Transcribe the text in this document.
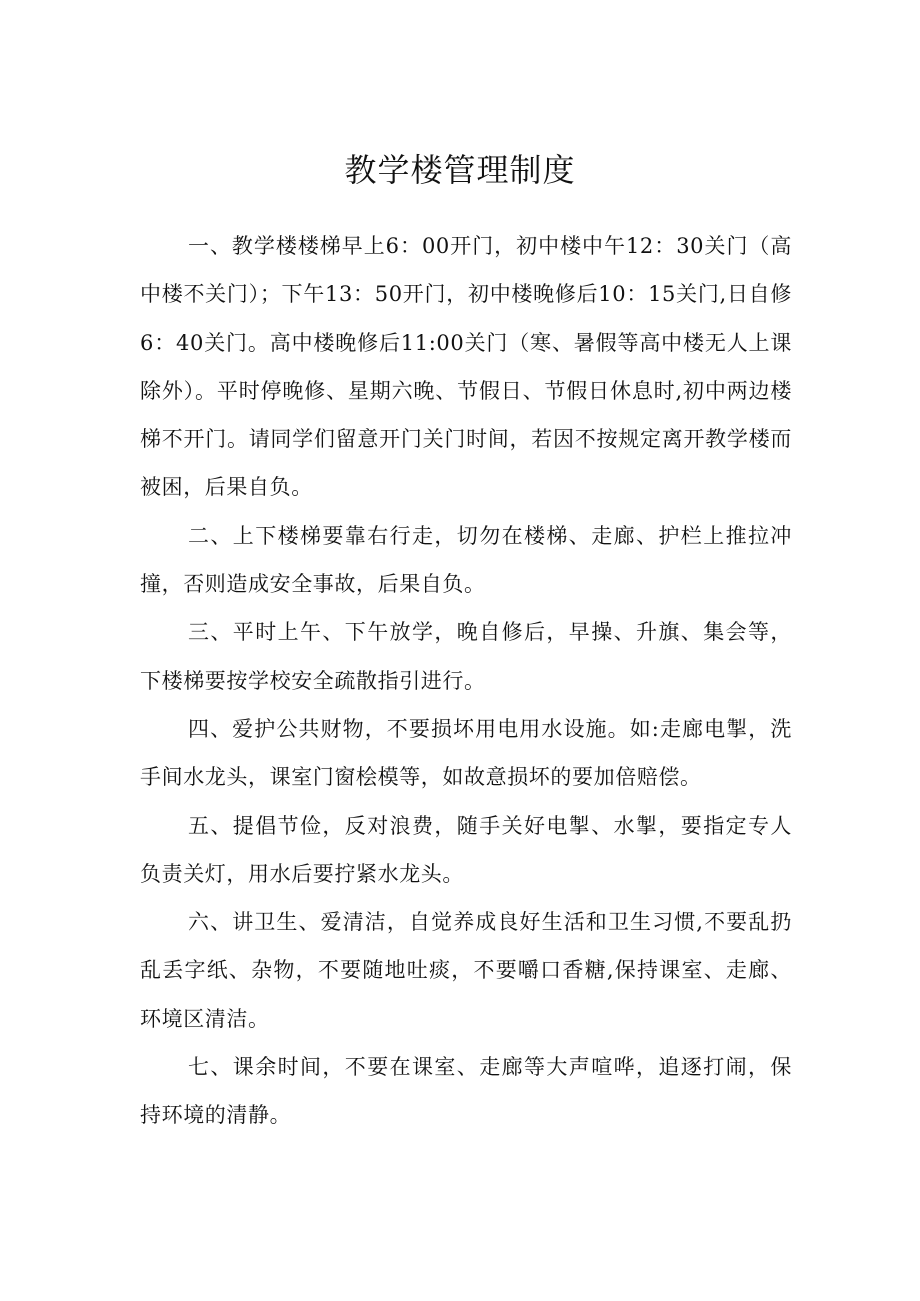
教学楼管理制度

一、教学楼楼梯早上6：00开门，初中楼中午12：30关门（高中楼不关门）；下午13：50开门，初中楼晚修后10：15关门,日自修6：40关门。高中楼晚修后11:00关门（寒、暑假等高中楼无人上课除外）。平时停晚修、星期六晚、节假日、节假日休息时,初中两边楼梯不开门。请同学们留意开门关门时间，若因不按规定离开教学楼而被困，后果自负。

二、上下楼梯要靠右行走，切勿在楼梯、走廊、护栏上推拉冲撞，否则造成安全事故，后果自负。

三、平时上午、下午放学，晚自修后，早操、升旗、集会等，下楼梯要按学校安全疏散指引进行。

四、爱护公共财物，不要损坏用电用水设施。如:走廊电掣，洗手间水龙头，课室门窗桧模等，如故意损坏的要加倍赔偿。

五、提倡节俭，反对浪费，随手关好电掣、水掣，要指定专人负责关灯，用水后要拧紧水龙头。

六、讲卫生、爱清洁，自觉养成良好生活和卫生习惯,不要乱扔乱丢字纸、杂物，不要随地吐痰，不要嚼口香糖,保持课室、走廊、环境区清洁。

七、课余时间，不要在课室、走廊等大声喧哗，追逐打闹，保持环境的清静。
